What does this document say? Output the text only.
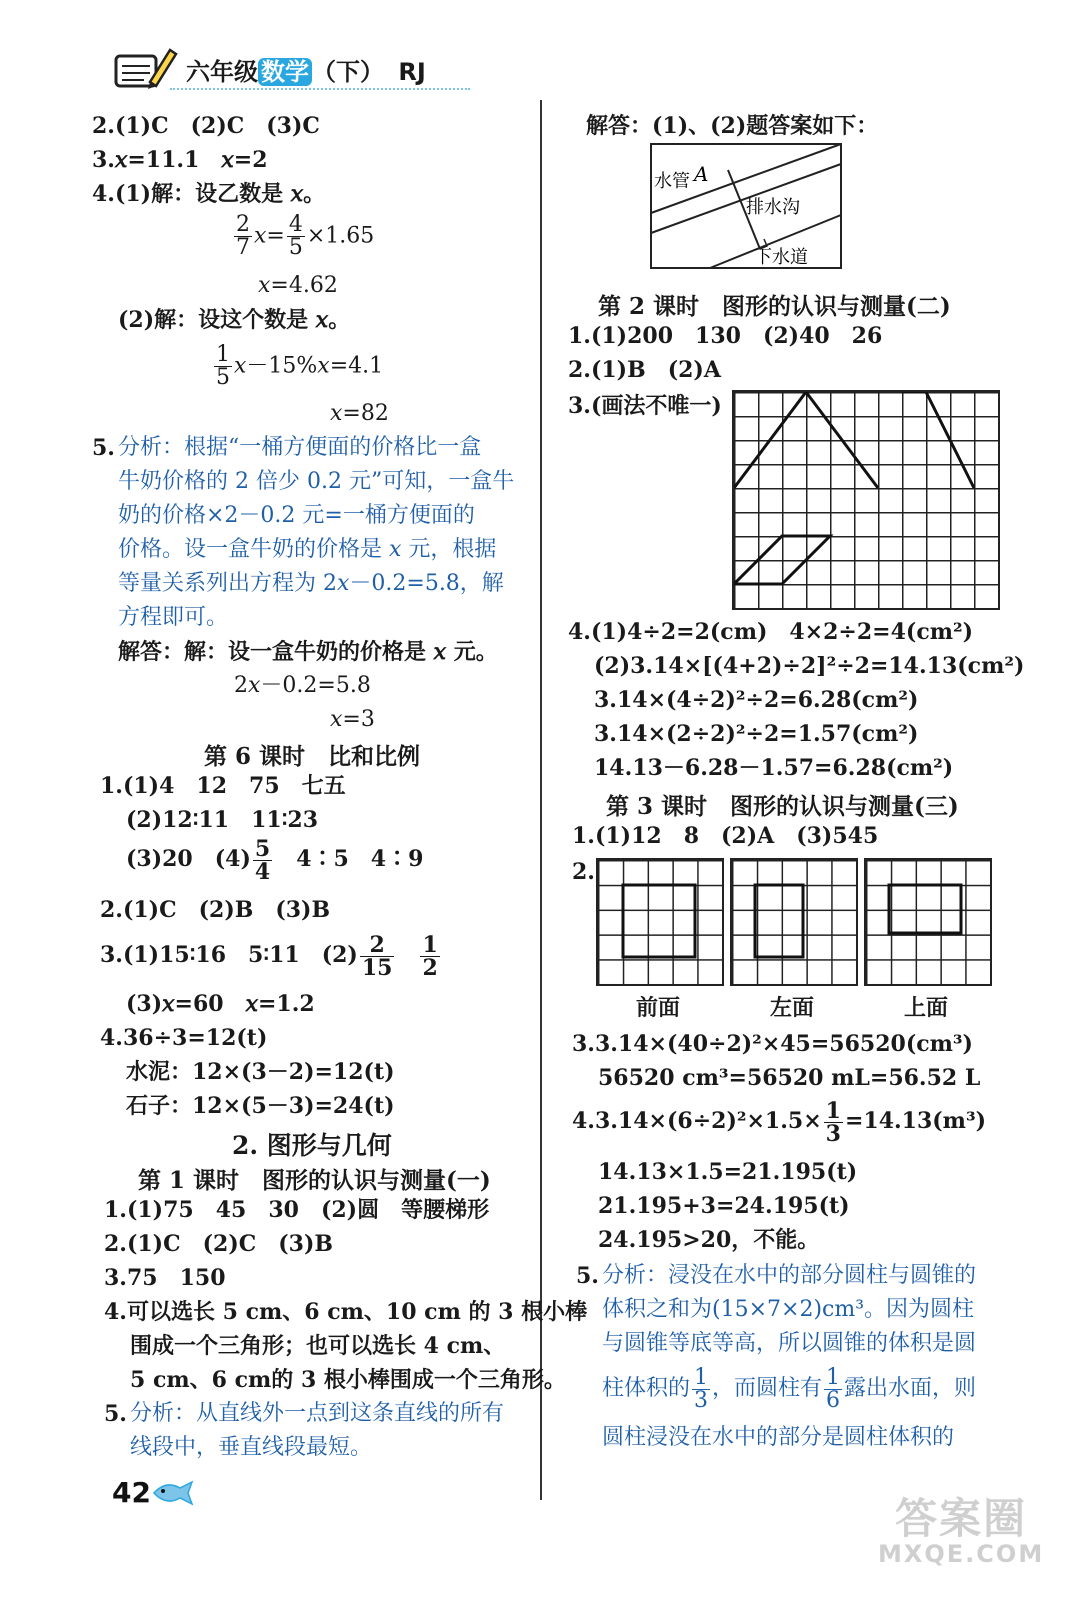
六年级 数学 （下） RJ
2.(1)C　(2)C　(3)C
3.𝑥=11.1　𝑥=2
4.(1)解：设乙数是 𝑥。
$\frac{2}{7}$ 𝑥= $\frac{4}{5} \times 1.65$
𝑥=4.62
(2)解：设这个数是 𝑥。
$\frac{1}{5}$ 𝑥－15%𝑥=4.1
𝑥=82
5. 分析：根据“一桶方便面的价格比一盒
牛奶价格的 2 倍少 0.2 元”可知，一盒牛
奶的价格×2－0.2 元=一桶方便面的
价格。设一盒牛奶的价格是 𝑥 元，根据
等量关系列出方程为 2𝑥－0.2=5.8，解
方程即可。
解答：解：设一盒牛奶的价格是 𝑥 元。
2𝑥－0.2=5.8
𝑥=3
第 6 课时　比和比例
1.(1)4　12　75　七五
(2)12∶11　11∶23
(3)20　$(4) \frac{5}{4}$ 　4∶5　4∶9
2.(1)C　(2)B　(3)B
3.(1)15∶16　5∶11　$(2) \frac{2}{15}$
　 $\frac{1}{2}$
(3)𝑥=60　𝑥=1.2
4.36÷3=12(t)
水泥：12×(3－2)=12(t)
石子：12×(5－3)=24(t)
2. 图形与几何
第 1 课时　图形的认识与测量(一)
1.(1)75　45　30　(2)圆　等腰梯形
2.(1)C　(2)C　(3)B
3.75　150
4.可以选长 5 cm、6 cm、10 cm 的 3 根小棒
围成一个三角形；也可以选长 4 cm、
5 cm、6 cm的 3 根小棒围成一个三角形。
5. 分析：从直线外一点到这条直线的所有
线段中，垂直线段最短。
解答：(1)、(2)题答案如下：
水管 A
排水沟
下水道
第 2 课时　图形的认识与测量(二)
1.(1)200　130　(2)40　26
2.(1)B　(2)A
3.(画法不唯一)
4.(1)4÷2=2(cm)　4×2÷2=4(cm²)
(2)3.14×[(4+2)÷2]²÷2=14.13(cm²)
3.14×(4÷2)²÷2=6.28(cm²)
3.14×(2÷2)²÷2=1.57(cm²)
14.13－6.28－1.57=6.28(cm²)
第 3 课时　图形的认识与测量(三)
1.(1)12　8　(2)A　(3)545
2.
前面	左面	上面
3.3.14×(40÷2)²×45=56520(cm³)
56520 cm³=56520 mL=56.52 L
$4.3.14\times(6\div 2)^2\times 1.5\times \frac{1}{3} =14.13(m^3)$
14.13×1.5=21.195(t)
21.195+3=24.195(t)
24.195>20，不能。
5. 分析：浸没在水中的部分圆柱与圆锥的
体积之和为(15×7×2)cm³。因为圆柱
与圆锥等底等高，所以圆锥的体积是圆
柱体积的 $\frac{1}{3}$ ，而圆柱有 $\frac{1}{6}$ 露出水面，则
圆柱浸没在水中的部分是圆柱体积的
42
答案圈
MXQE.COM
